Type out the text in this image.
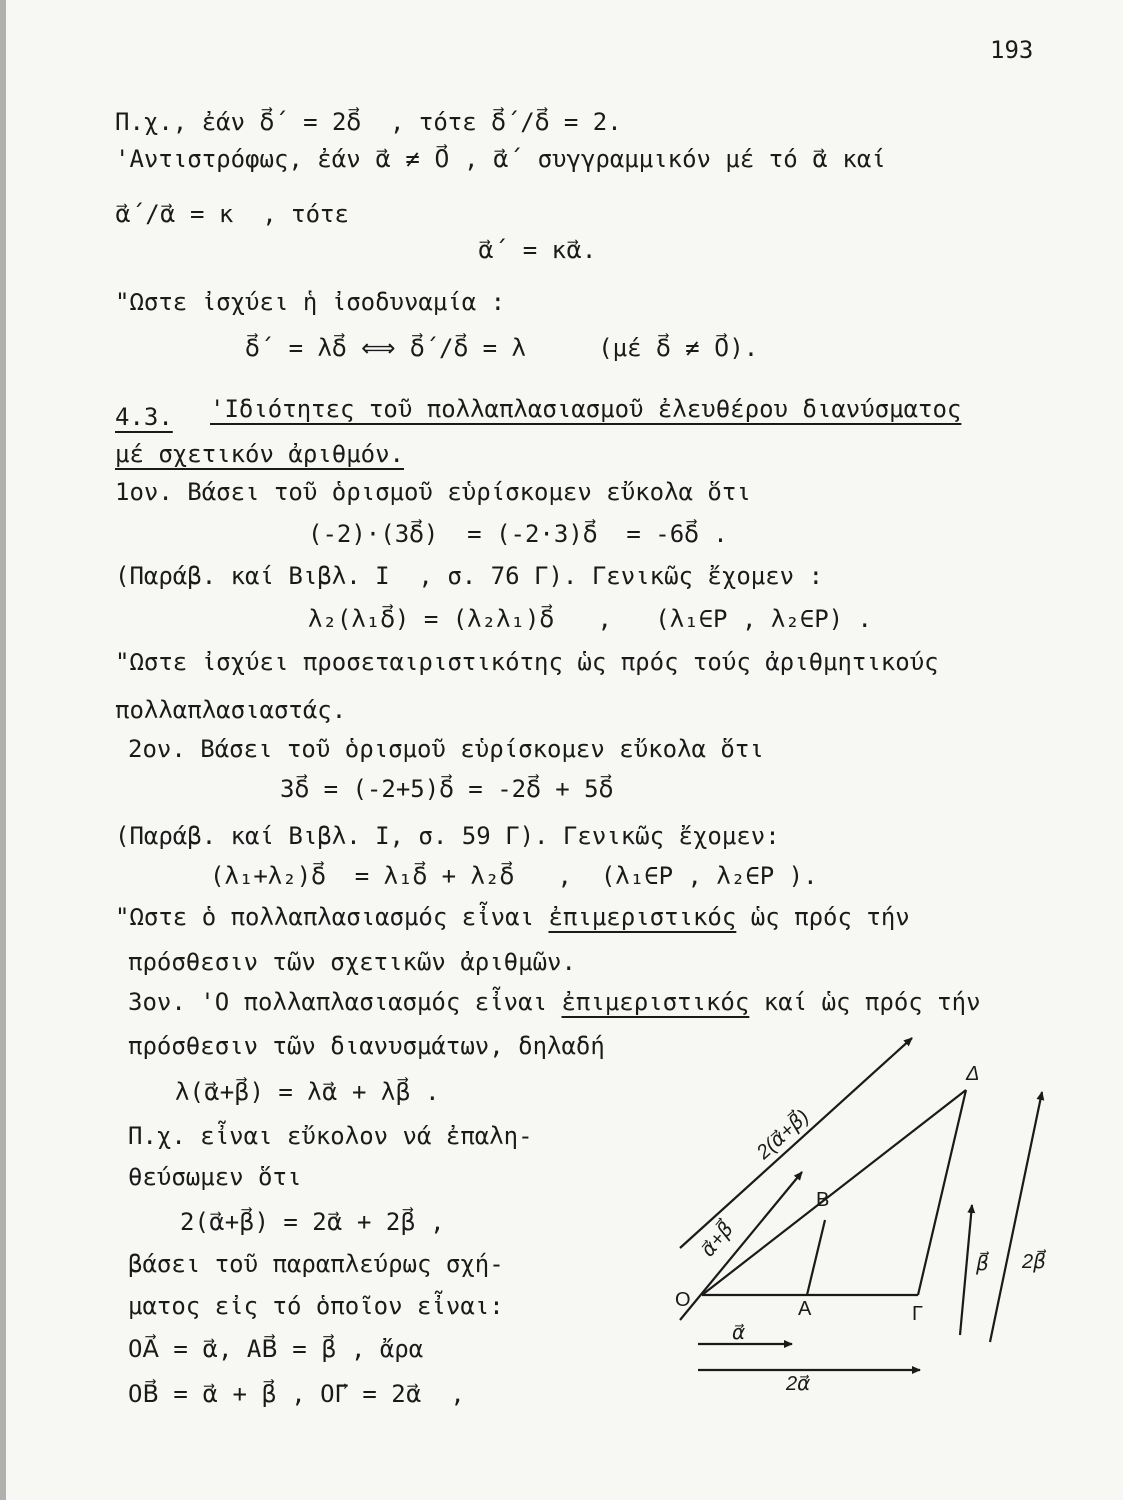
193
Π.χ., ἐάν δ⃗´ = 2δ⃗  , τότε δ⃗´/δ⃗ = 2.
'Αντιστρόφως, ἐάν α⃗ ≠ 0⃗ , α⃗´ συγγραμμικόν μέ τό α⃗ καί
α⃗´/α⃗ = κ  , τότε
α⃗´ = κα⃗.
"Ωστε ἰσχύει ἡ ἰσοδυναμία :
δ⃗´ = λδ⃗ ⟺ δ⃗´/δ⃗ = λ     (μέ δ⃗ ≠ 0⃗).
4.3. 'Ιδιότητες τοῦ πολλαπλασιασμοῦ ἐλευθέρου διανύσματος
μέ σχετικόν ἀριθμόν.
1ον. Βάσει τοῦ ὁρισμοῦ εὑρίσκομεν εὔκολα ὅτι
(-2)·(3δ⃗)  = (-2·3)δ⃗  = -6δ⃗ .
(Παράβ. καί Βιβλ. Ι  , σ. 76 Γ). Γενικῶς ἔχομεν :
λ₂(λ₁δ⃗) = (λ₂λ₁)δ⃗   ,   (λ₁∈Ρ , λ₂∈Ρ) .
"Ωστε ἰσχύει προσεταιριστικότης ὡς πρός τούς ἀριθμητικούς
πολλαπλασιαστάς.
2ον. Βάσει τοῦ ὁρισμοῦ εὑρίσκομεν εὔκολα ὅτι
3δ⃗ = (-2+5)δ⃗ = -2δ⃗ + 5δ⃗
(Παράβ. καί Βιβλ. Ι, σ. 59 Γ). Γενικῶς ἔχομεν:
(λ₁+λ₂)δ⃗  = λ₁δ⃗ + λ₂δ⃗   ,  (λ₁∈Ρ , λ₂∈Ρ ).
"Ωστε ὁ πολλαπλασιασμός εἶναι ἐπιμεριστικός ὡς πρός τήν
πρόσθεσιν τῶν σχετικῶν ἀριθμῶν.
3ον. 'Ο πολλαπλασιασμός εἶναι ἐπιμεριστικός καί ὡς πρός τήν
πρόσθεσιν τῶν διανυσμάτων, δηλαδή
λ(α⃗+β⃗) = λα⃗ + λβ⃗ .
Π.χ. εἶναι εὔκολον νά ἐπαλη-
θεύσωμεν ὅτι
2(α⃗+β⃗) = 2α⃗ + 2β⃗ ,
βάσει τοῦ παραπλεύρως σχή-
ματος εἰς τό ὁποῖον εἶναι:
OA⃗ = α⃗, AB⃗ = β⃗ , ἄρα
OB⃗ = α⃗ + β⃗ , OΓ⃗ = 2α⃗  ,
O	A
B
Γ
Δ
α⃗
2α⃗
β⃗ 2β⃗
α⃗+β⃗
2(α⃗+β⃗)
